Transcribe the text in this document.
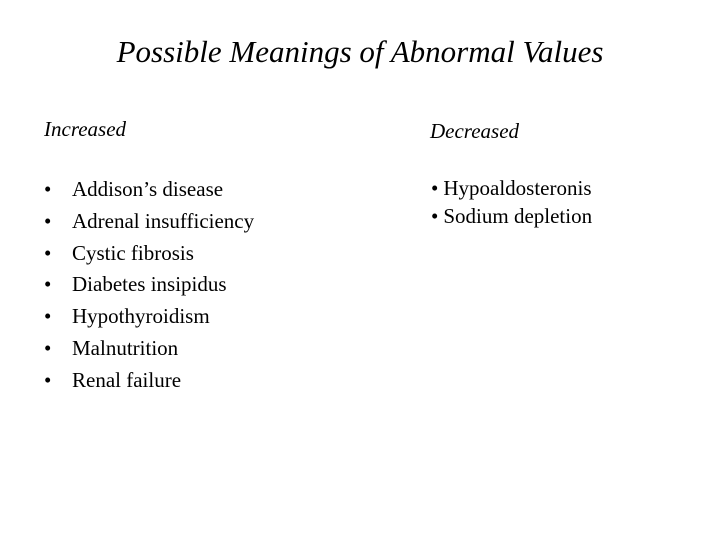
Possible Meanings of Abnormal Values
Increased	Decreased
• Addison’s disease
• Adrenal insufficiency
• Cystic fibrosis
• Diabetes insipidus
• Hypothyroidism
• Malnutrition
• Renal failure
• Hypoaldosteronis
• Sodium depletion
